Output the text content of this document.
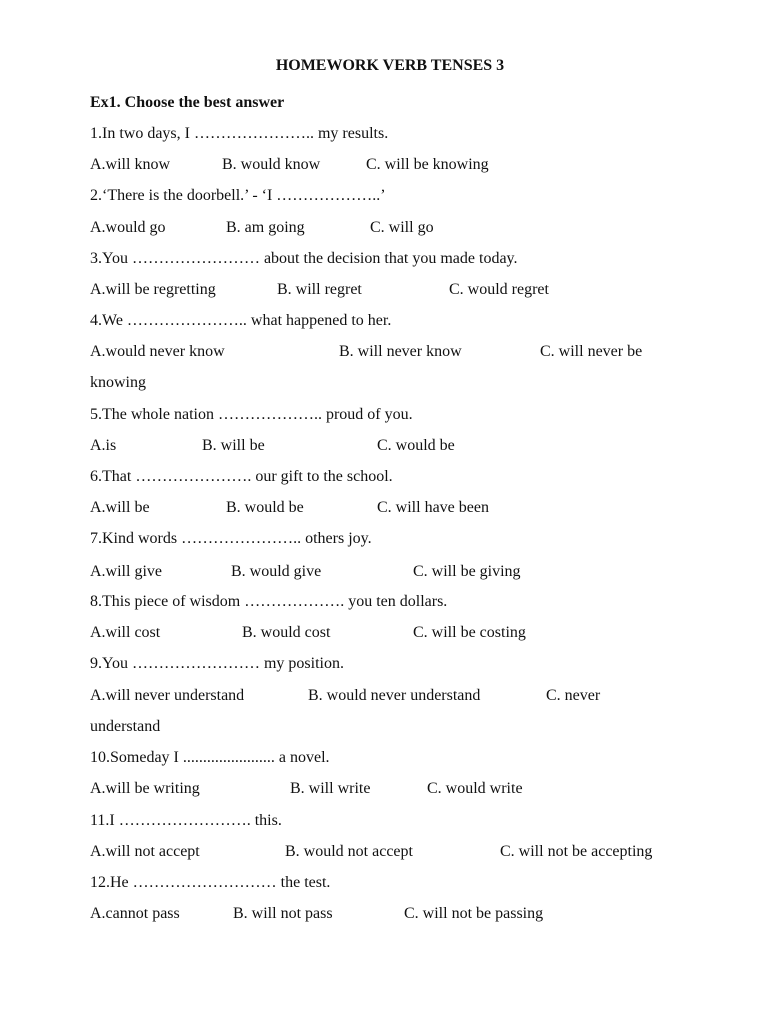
HOMEWORK VERB TENSES 3
Ex1. Choose the best answer
1.In two days, I ………………….. my results.
A.will know	B. would know	C. will be knowing
2.‘There is the doorbell.’ - ‘I ………………..’
A.would go	B. am going	C. will go
3.You …………………… about the decision that you made today.
A.will be regretting	B. will regret	C. would regret
4.We ………………….. what happened to her.
A.would never know	B. will never know	C. will never be
knowing
5.The whole nation ……………….. proud of you.
A.is	B. will be	C. would be
6.That …………………. our gift to the school.
A.will be	B. would be	C. will have been
7.Kind words ………………….. others joy.
A.will give	B. would give	C. will be giving
8.This piece of wisdom ………………. you ten dollars.
A.will cost	B. would cost	C. will be costing
9.You …………………… my position.
A.will never understand	B. would never understand	C. never
understand
10.Someday I ....................... a novel.
A.will be writing	B. will write	C. would write
11.I ……………………. this.
A.will not accept	B. would not accept	C. will not be accepting
12.He ……………………… the test.
A.cannot pass	B. will not pass	C. will not be passing
